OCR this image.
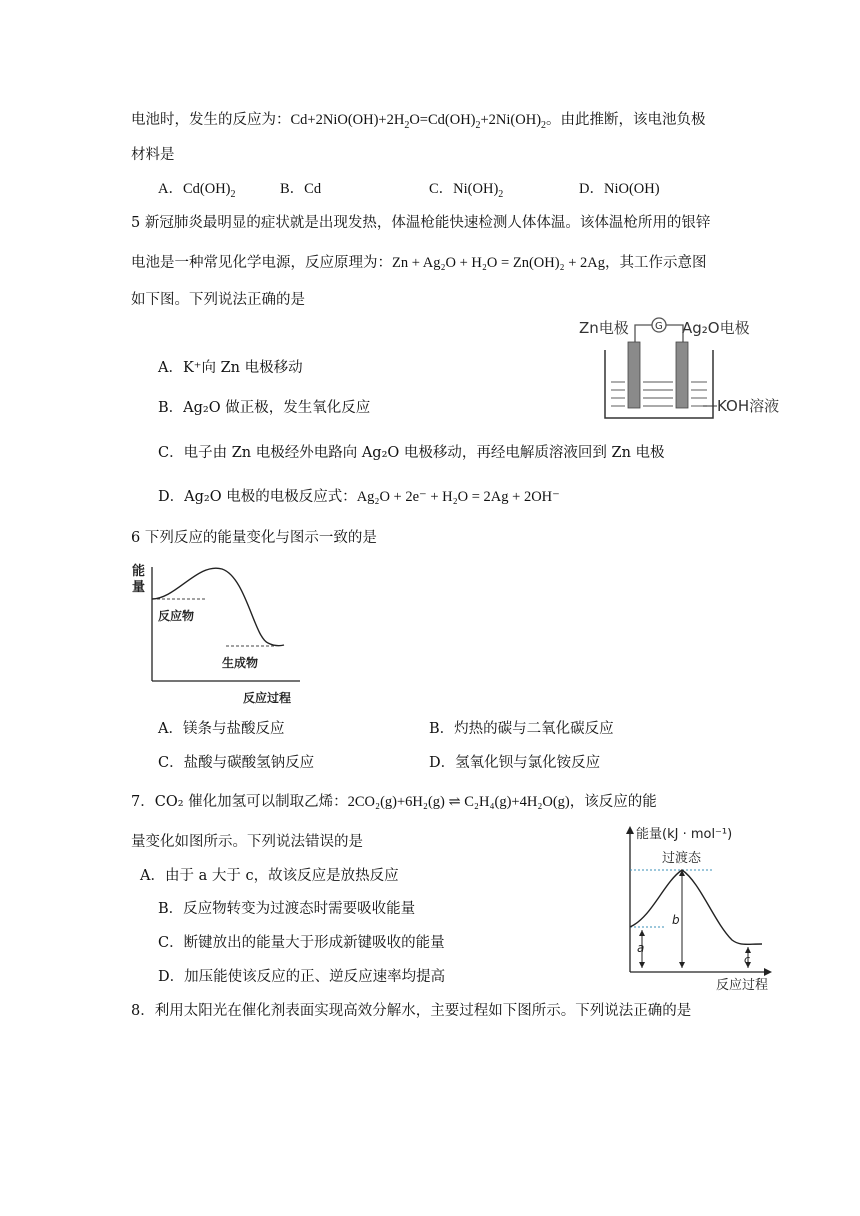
电池时，发生的反应为：$Cd+2NiO(OH)+2H_2O=Cd(OH)_2+2Ni(OH)_2$。由此推断，该电池负极
材料是
A．$Cd(OH)_2$	B．Cd	C．$Ni(OH)_2$	D．NiO(OH)
5 新冠肺炎最明显的症状就是出现发热，体温枪能快速检测人体体温。该体温枪所用的银锌
电池是一种常见化学电源，反应原理为：Zn + Ag₂O + H₂O = Zn(OH)₂ + 2Ag，其工作示意图
如下图。下列说法正确的是
Zn电极	Ag₂O电极
G
KOH溶液
A．K⁺向 Zn 电极移动
B．Ag₂O 做正极，发生氧化反应
C．电子由 Zn 电极经外电路向 Ag₂O 电极移动，再经电解质溶液回到 Zn 电极
D．Ag₂O 电极的电极反应式：Ag₂O + 2e⁻ + H₂O = 2Ag + 2OH⁻
6 下列反应的能量变化与图示一致的是
能
量
反应物
生成物
反应过程
A．镁条与盐酸反应	B．灼热的碳与二氧化碳反应
C．盐酸与碳酸氢钠反应	D．氢氧化钡与氯化铵反应
7．CO₂ 催化加氢可以制取乙烯：2CO₂(g)+6H₂(g) ⇌ C₂H₄(g)+4H₂O(g)，该反应的能
量变化如图所示。下列说法错误的是	能量(kJ · mol⁻¹)
过渡态
b
a
c
反应过程
A．由于 a 大于 c，故该反应是放热反应
B．反应物转变为过渡态时需要吸收能量
C．断键放出的能量大于形成新键吸收的能量
D．加压能使该反应的正、逆反应速率均提高
8．利用太阳光在催化剂表面实现高效分解水，主要过程如下图所示。下列说法正确的是
